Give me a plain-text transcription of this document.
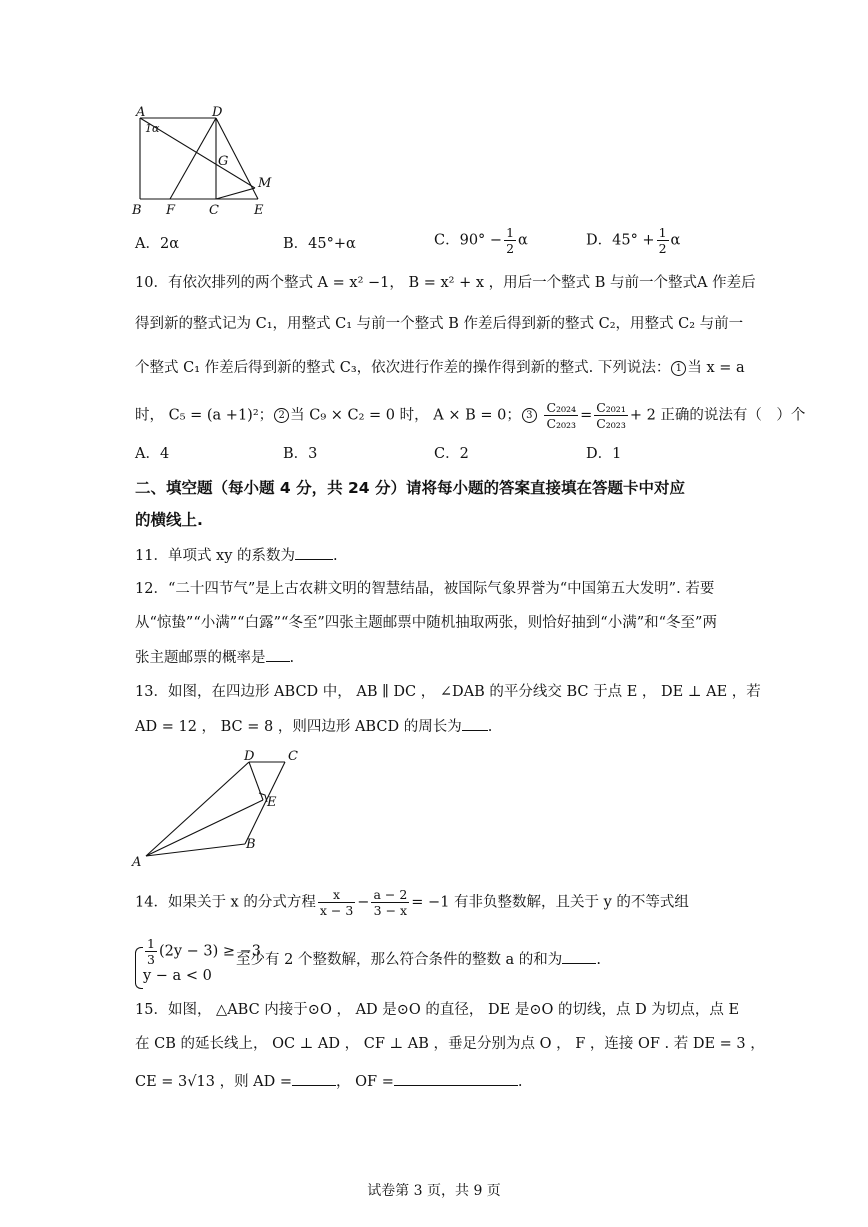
A
1α
D
G
M
B F	C	E
A．2α	B．45°+α	C．$90^\circ - \frac{1}{2}$ α	D．$45^\circ + \frac{1}{2}$ α
10．有依次排列的两个整式 A = x² −1， B = x² + x ，用后一个整式 B 与前一个整式A 作差后
得到新的整式记为 C₁，用整式 C₁ 与前一个整式 B 作差后得到新的整式 C₂，用整式 C₂ 与前一
个整式 C₁ 作差后得到新的整式 C₃，依次进行作差的操作得到新的整式. 下列说法： 1 当 x = a
时， C₅ = (a +1)²； 2 当 C₉ × C₂ = 0 时， A × B = 0； $3 \frac{\text{C₂₀₂₄}}{\text{C₂₀₂₃}} = \frac{\text{C₂₀₂₁}}{\text{C₂₀₂₃}} + 2$ 正确的说法有（　）个
A．4	B．3	C．2	D．1
二、填空题（每小题 4 分，共 24 分）请将每小题的答案直接填在答题卡中对应
的横线上.
11．单项式 xy 的系数为	.
12．“二十四节气”是上古农耕文明的智慧结晶，被国际气象界誉为“中国第五大发明”. 若要
从“惊蛰”“小满”“白露”“冬至”四张主题邮票中随机抽取两张，则恰好抽到“小满”和“冬至”两
张主题邮票的概率是 .
13．如图，在四边形 ABCD 中， AB ∥ DC ， ∠DAB 的平分线交 BC 于点 E ， DE ⊥ AE ，若
AD = 12 ， BC = 8 ，则四边形 ABCD 的周长为 .
D	C
E
A
B
14．如果关于 x 的分式方程 $\frac{x}{x - 3} - \frac{a - 2}{3 - x} = -1$ 有非负整数解，且关于 y 的不等式组
$\frac{1}{3} (2y - 3) \ge -3$
y − a < 0
至少有 2 个整数解，那么符合条件的整数 a 的和为 .
15．如图， △ABC 内接于⊙O ， AD 是⊙O 的直径， DE 是⊙O 的切线，点 D 为切点，点 E
在 CB 的延长线上， OC ⊥ AD ， CF ⊥ AB ，垂足分别为点 O ， F ，连接 OF . 若 DE = 3 ，
CE = 3√13 ，则 AD =	， OF =	.
试卷第 3 页，共 9 页
